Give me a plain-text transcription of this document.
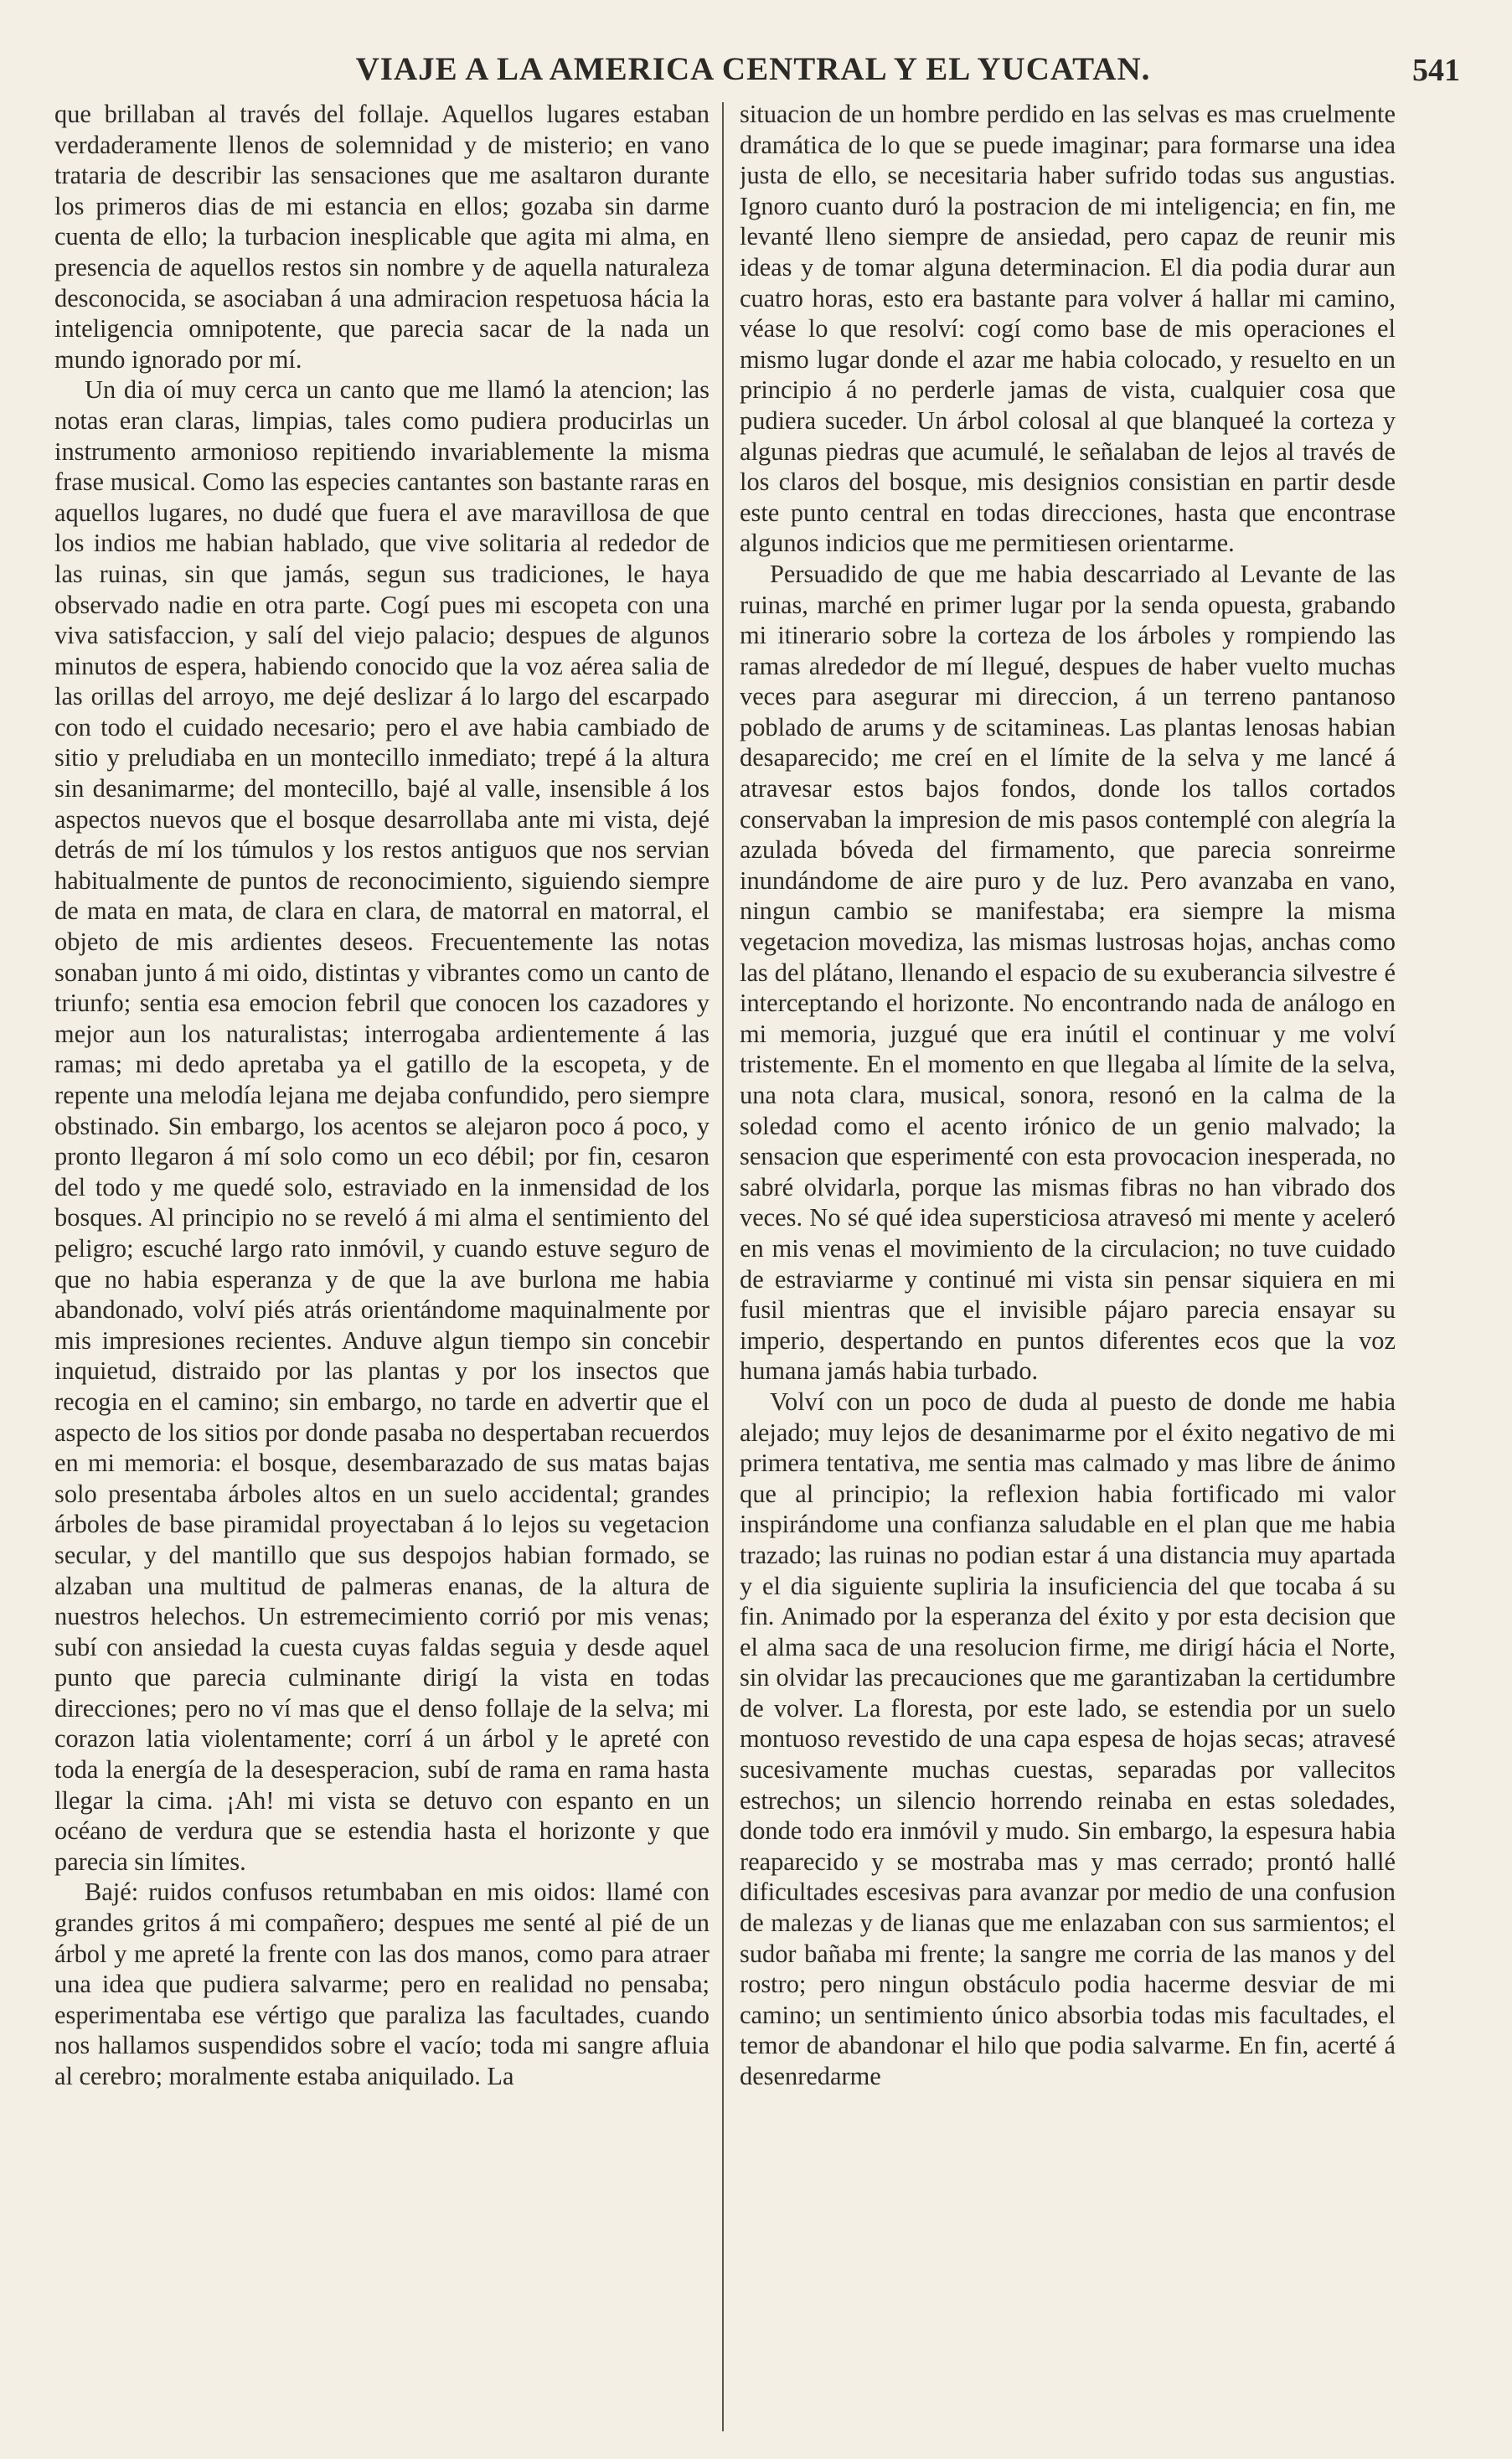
VIAJE A LA AMERICA CENTRAL Y EL YUCATAN.	541

que brillaban al través del follaje. Aquellos lugares estaban verdaderamente llenos de solemnidad y de misterio; en vano trataria de describir las sensaciones que me asaltaron durante los primeros dias de mi estancia en ellos; gozaba sin darme cuenta de ello; la turbacion inesplicable que agita mi alma, en presencia de aquellos restos sin nombre y de aquella naturaleza desconocida, se asociaban á una admiracion respetuosa hácia la inteligencia omnipotente, que parecia sacar de la nada un mundo ignorado por mí.

Un dia oí muy cerca un canto que me llamó la atencion; las notas eran claras, limpias, tales como pudiera producirlas un instrumento armonioso repitiendo invariablemente la misma frase musical. Como las especies cantantes son bastante raras en aquellos lugares, no dudé que fuera el ave maravillosa de que los indios me habian hablado, que vive solitaria al rededor de las ruinas, sin que jamás, segun sus tradiciones, le haya observado nadie en otra parte. Cogí pues mi escopeta con una viva satisfaccion, y salí del viejo palacio; despues de algunos minutos de espera, habiendo conocido que la voz aérea salia de las orillas del arroyo, me dejé deslizar á lo largo del escarpado con todo el cuidado necesario; pero el ave habia cambiado de sitio y preludiaba en un montecillo inmediato; trepé á la altura sin desanimarme; del montecillo, bajé al valle, insensible á los aspectos nuevos que el bosque desarrollaba ante mi vista, dejé detrás de mí los túmulos y los restos antiguos que nos servian habitualmente de puntos de reconocimiento, siguiendo siempre de mata en mata, de clara en clara, de matorral en matorral, el objeto de mis ardientes deseos. Frecuentemente las notas sonaban junto á mi oido, distintas y vibrantes como un canto de triunfo; sentia esa emocion febril que conocen los cazadores y mejor aun los naturalistas; interrogaba ardientemente á las ramas; mi dedo apretaba ya el gatillo de la escopeta, y de repente una melodía lejana me dejaba confundido, pero siempre obstinado. Sin embargo, los acentos se alejaron poco á poco, y pronto llegaron á mí solo como un eco débil; por fin, cesaron del todo y me quedé solo, estraviado en la inmensidad de los bosques. Al principio no se reveló á mi alma el sentimiento del peligro; escuché largo rato inmóvil, y cuando estuve seguro de que no habia esperanza y de que la ave burlona me habia abandonado, volví piés atrás orientándome maquinalmente por mis impresiones recientes. Anduve algun tiempo sin concebir inquietud, distraido por las plantas y por los insectos que recogia en el camino; sin embargo, no tarde en advertir que el aspecto de los sitios por donde pasaba no despertaban recuerdos en mi memoria: el bosque, desembarazado de sus matas bajas solo presentaba árboles altos en un suelo accidental; grandes árboles de base piramidal proyectaban á lo lejos su vegetacion secular, y del mantillo que sus despojos habian formado, se alzaban una multitud de palmeras enanas, de la altura de nuestros helechos. Un estremecimiento corrió por mis venas; subí con ansiedad la cuesta cuyas faldas seguia y desde aquel punto que parecia culminante dirigí la vista en todas direcciones; pero no ví mas que el denso follaje de la selva; mi corazon latia violentamente; corrí á un árbol y le apreté con toda la energía de la desesperacion, subí de rama en rama hasta llegar la cima. ¡Ah! mi vista se detuvo con espanto en un océano de verdura que se estendia hasta el horizonte y que parecia sin límites.

Bajé: ruidos confusos retumbaban en mis oidos: llamé con grandes gritos á mi compañero; despues me senté al pié de un árbol y me apreté la frente con las dos manos, como para atraer una idea que pudiera salvarme; pero en realidad no pensaba; esperimentaba ese vértigo que paraliza las facultades, cuando nos hallamos suspendidos sobre el vacío; toda mi sangre afluia al cerebro; moralmente estaba aniquilado. La

situacion de un hombre perdido en las selvas es mas cruelmente dramática de lo que se puede imaginar; para formarse una idea justa de ello, se necesitaria haber sufrido todas sus angustias. Ignoro cuanto duró la postracion de mi inteligencia; en fin, me levanté lleno siempre de ansiedad, pero capaz de reunir mis ideas y de tomar alguna determinacion. El dia podia durar aun cuatro horas, esto era bastante para volver á hallar mi camino, véase lo que resolví: cogí como base de mis operaciones el mismo lugar donde el azar me habia colocado, y resuelto en un principio á no perderle jamas de vista, cualquier cosa que pudiera suceder. Un árbol colosal al que blanqueé la corteza y algunas piedras que acumulé, le señalaban de lejos al través de los claros del bosque, mis designios consistian en partir desde este punto central en todas direcciones, hasta que encontrase algunos indicios que me permitiesen orientarme.

Persuadido de que me habia descarriado al Levante de las ruinas, marché en primer lugar por la senda opuesta, grabando mi itinerario sobre la corteza de los árboles y rompiendo las ramas alrededor de mí llegué, despues de haber vuelto muchas veces para asegurar mi direccion, á un terreno pantanoso poblado de arums y de scitamineas. Las plantas lenosas habian desaparecido; me creí en el límite de la selva y me lancé á atravesar estos bajos fondos, donde los tallos cortados conservaban la impresion de mis pasos contemplé con alegría la azulada bóveda del firmamento, que parecia sonreirme inundándome de aire puro y de luz. Pero avanzaba en vano, ningun cambio se manifestaba; era siempre la misma vegetacion movediza, las mismas lustrosas hojas, anchas como las del plátano, llenando el espacio de su exuberancia silvestre é interceptando el horizonte. No encontrando nada de análogo en mi memoria, juzgué que era inútil el continuar y me volví tristemente. En el momento en que llegaba al límite de la selva, una nota clara, musical, sonora, resonó en la calma de la soledad como el acento irónico de un genio malvado; la sensacion que esperimenté con esta provocacion inesperada, no sabré olvidarla, porque las mismas fibras no han vibrado dos veces. No sé qué idea supersticiosa atravesó mi mente y aceleró en mis venas el movimiento de la circulacion; no tuve cuidado de estraviarme y continué mi vista sin pensar siquiera en mi fusil mientras que el invisible pájaro parecia ensayar su imperio, despertando en puntos diferentes ecos que la voz humana jamás habia turbado.

Volví con un poco de duda al puesto de donde me habia alejado; muy lejos de desanimarme por el éxito negativo de mi primera tentativa, me sentia mas calmado y mas libre de ánimo que al principio; la reflexion habia fortificado mi valor inspirándome una confianza saludable en el plan que me habia trazado; las ruinas no podian estar á una distancia muy apartada y el dia siguiente supliria la insuficiencia del que tocaba á su fin. Animado por la esperanza del éxito y por esta decision que el alma saca de una resolucion firme, me dirigí hácia el Norte, sin olvidar las precauciones que me garantizaban la certidumbre de volver. La floresta, por este lado, se estendia por un suelo montuoso revestido de una capa espesa de hojas secas; atravesé sucesivamente muchas cuestas, separadas por vallecitos estrechos; un silencio horrendo reinaba en estas soledades, donde todo era inmóvil y mudo. Sin embargo, la espesura habia reaparecido y se mostraba mas y mas cerrado; prontó hallé dificultades escesivas para avanzar por medio de una confusion de malezas y de lianas que me enlazaban con sus sarmientos; el sudor bañaba mi frente; la sangre me corria de las manos y del rostro; pero ningun obstáculo podia hacerme desviar de mi camino; un sentimiento único absorbia todas mis facultades, el temor de abandonar el hilo que podia salvarme. En fin, acerté á desenredarme
